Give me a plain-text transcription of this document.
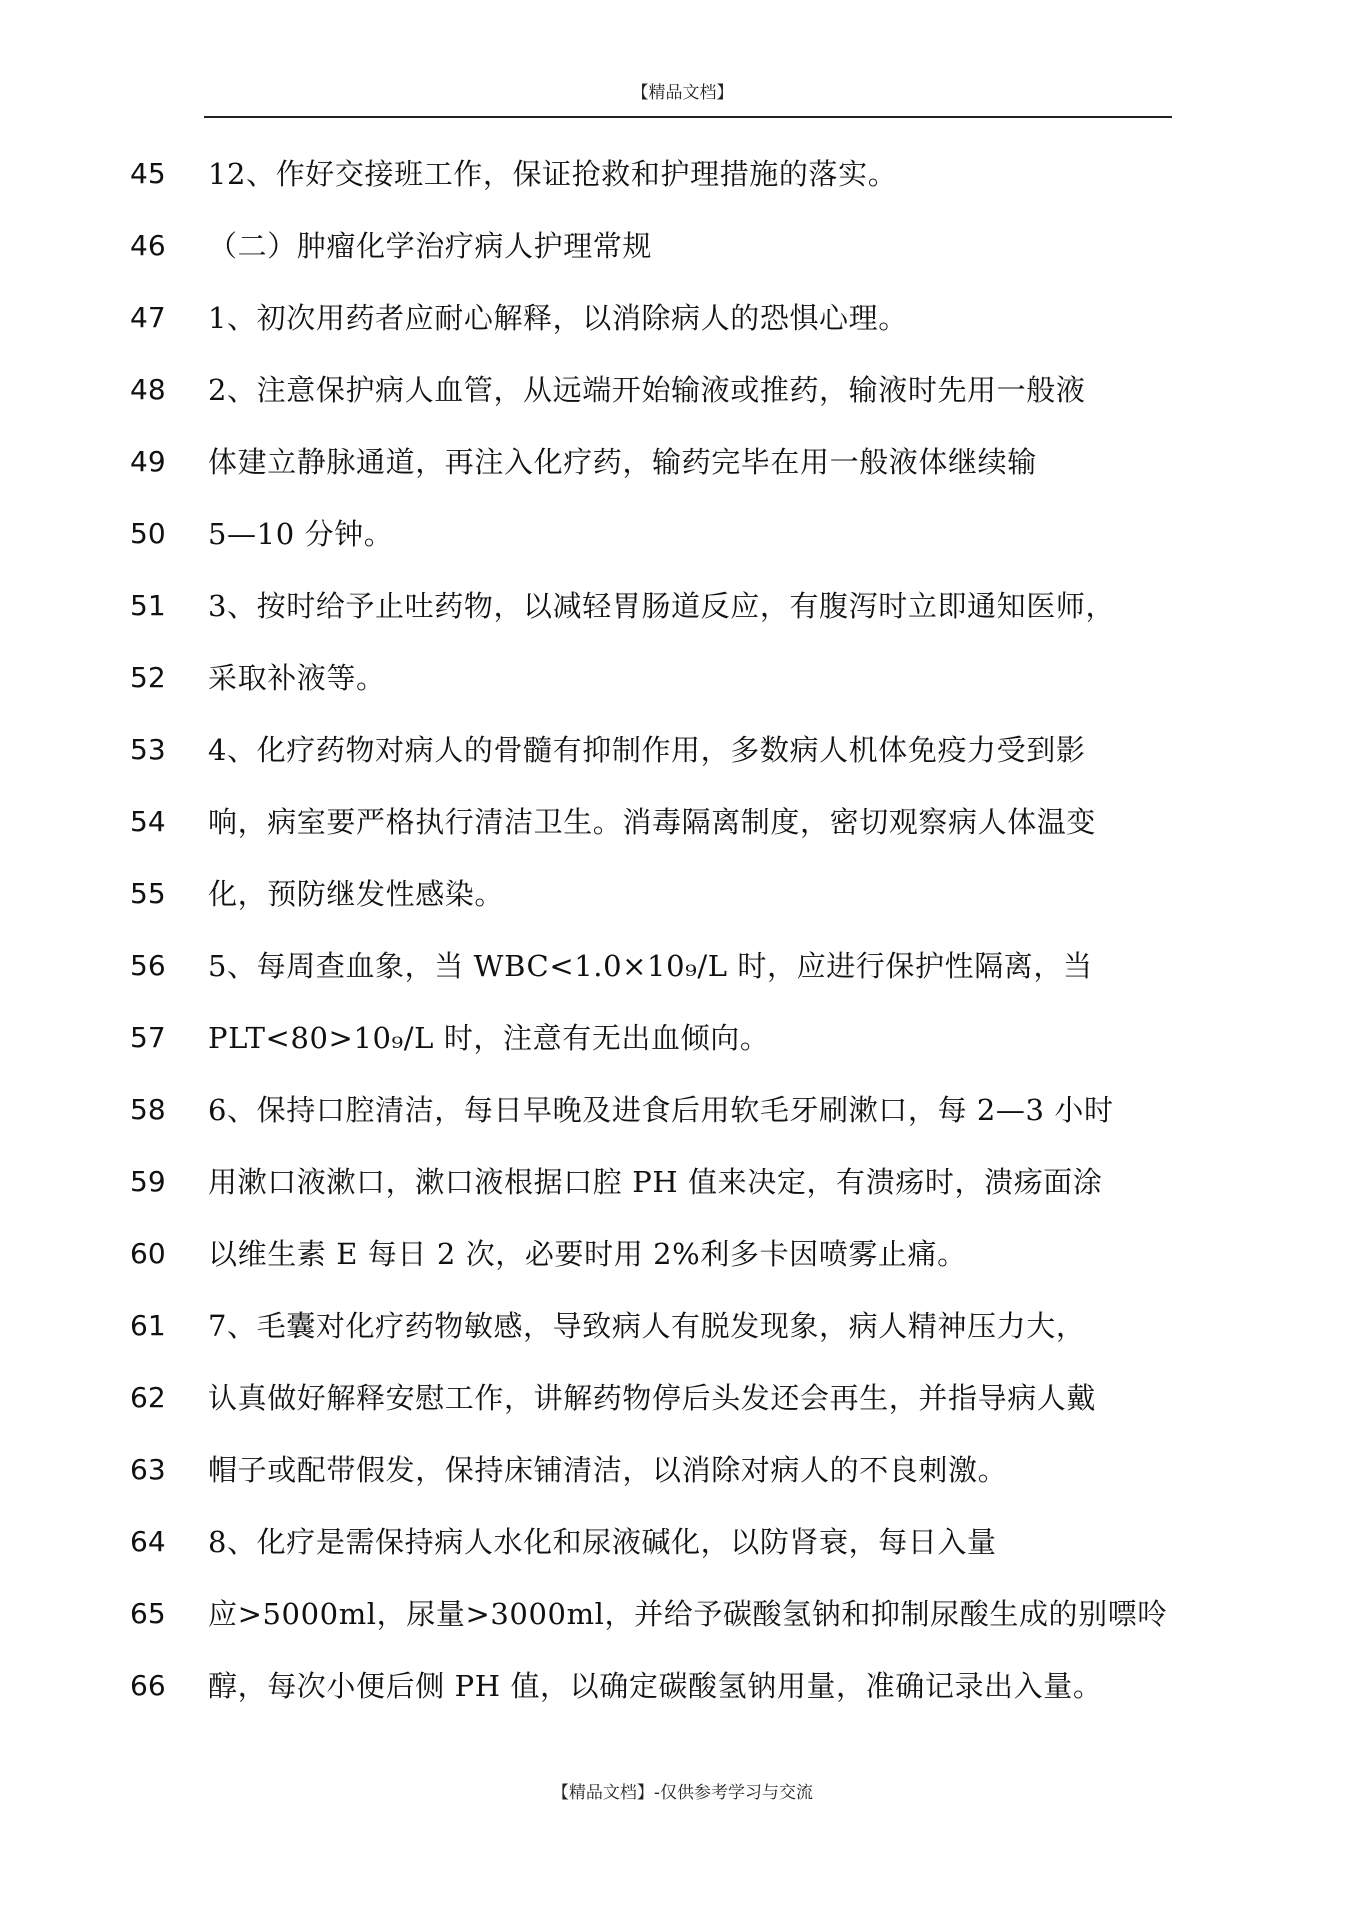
【精品文档】
45	12、作好交接班工作，保证抢救和护理措施的落实。
46	（二）肿瘤化学治疗病人护理常规
47	1、初次用药者应耐心解释，以消除病人的恐惧心理。
48	2、注意保护病人血管，从远端开始输液或推药，输液时先用一般液
49	体建立静脉通道，再注入化疗药，输药完毕在用一般液体继续输
50	5—10 分钟。
51	3、按时给予止吐药物，以减轻胃肠道反应，有腹泻时立即通知医师，
52	采取补液等。
53	4、化疗药物对病人的骨髓有抑制作用，多数病人机体免疫力受到影
54	响，病室要严格执行清洁卫生。消毒隔离制度，密切观察病人体温变
55	化，预防继发性感染。
56	5、每周查血象，当 WBC<1.0×10₉/L 时，应进行保护性隔离，当
57	PLT<80>10₉/L 时，注意有无出血倾向。
58	6、保持口腔清洁，每日早晚及进食后用软毛牙刷漱口，每 2—3 小时
59	用漱口液漱口，漱口液根据口腔 PH 值来决定，有溃疡时，溃疡面涂
60	以维生素 E 每日 2 次，必要时用 2%利多卡因喷雾止痛。
61	7、毛囊对化疗药物敏感，导致病人有脱发现象，病人精神压力大，
62	认真做好解释安慰工作，讲解药物停后头发还会再生，并指导病人戴
63	帽子或配带假发，保持床铺清洁，以消除对病人的不良刺激。
64	8、化疗是需保持病人水化和尿液碱化，以防肾衰，每日入量
65	应>5000ml，尿量>3000ml，并给予碳酸氢钠和抑制尿酸生成的别嘌呤
66	醇，每次小便后侧 PH 值，以确定碳酸氢钠用量，准确记录出入量。
【精品文档】-仅供参考学习与交流
